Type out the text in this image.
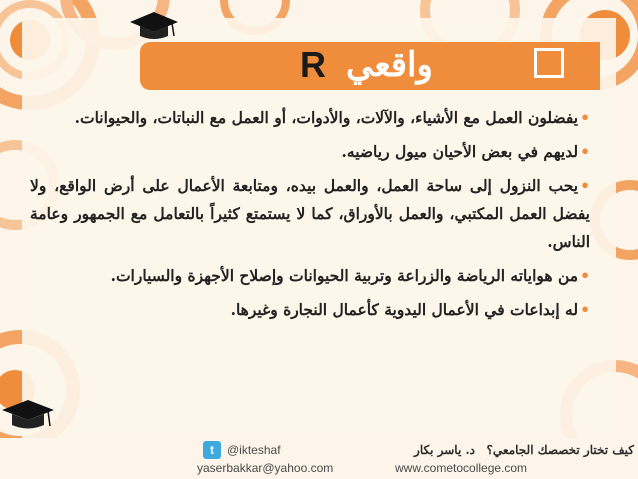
R واقعي

•يفضلون العمل مع الأشياء، والآلات، والأدوات، أو العمل مع النباتات، والحيوانات.

•لديهم في بعض الأحيان ميول رياضيه.

•يحب النزول إلى ساحة العمل، والعمل بيده، ومتابعة الأعمال على أرض الواقع، ولا يفضل العمل المكتبي، والعمل بالأوراق، كما لا يستمتع كثيراً بالتعامل مع الجمهور وعامة الناس.

•من هواياته الرياضة والزراعة وتربية الحيوانات وإصلاح الأجهزة والسيارات.

•له إبداعات في الأعمال اليدوية كأعمال النجارة وغيرها.

t	@ikteshaf
yaserbakkar@yahoo.com
د. ياسر بكار كيف تختار تخصصك الجامعي؟
www.cometocollege.com
